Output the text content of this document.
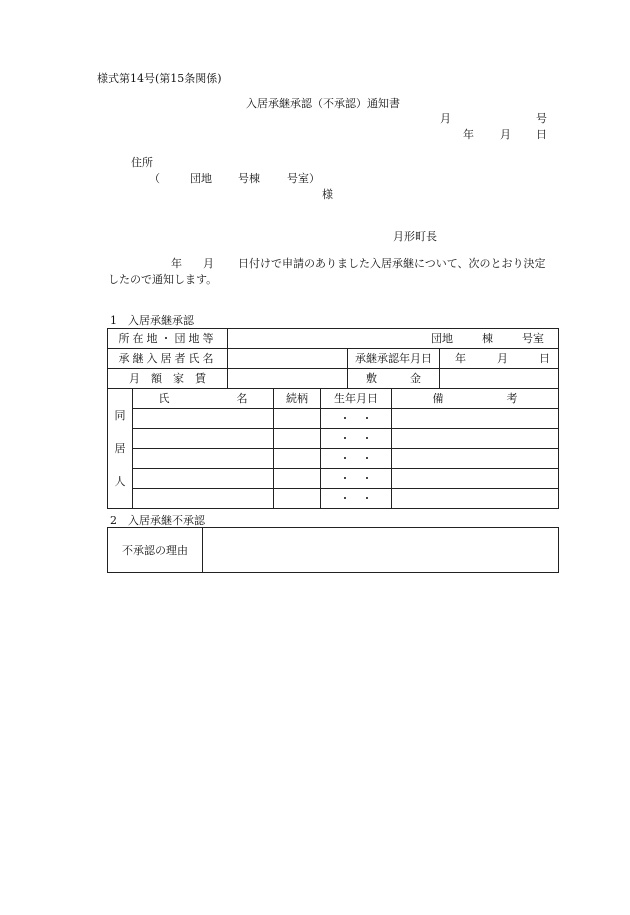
様式第14号(第15条関係)
入居承継承認（不承認）通知書
月	号
年 月 日
住所
（	団地 号棟 号室）
様
月形町長
年 月 日付けで申請のありました入居承継について、次のとおり決定
したので通知します。
1　入居承継承認
所在地・団地等	団地 棟 号室		
承継入居者氏名		承継承認年月日	年 月 日
月　額　家　賃		敷　　　金	
同
居
人	氏 名	続柄	生年月日	備 考
			・　・	
			・　・	
			・　・	
			・　・	
			・　・	
2　入居承継不承認
不承認の理由	
